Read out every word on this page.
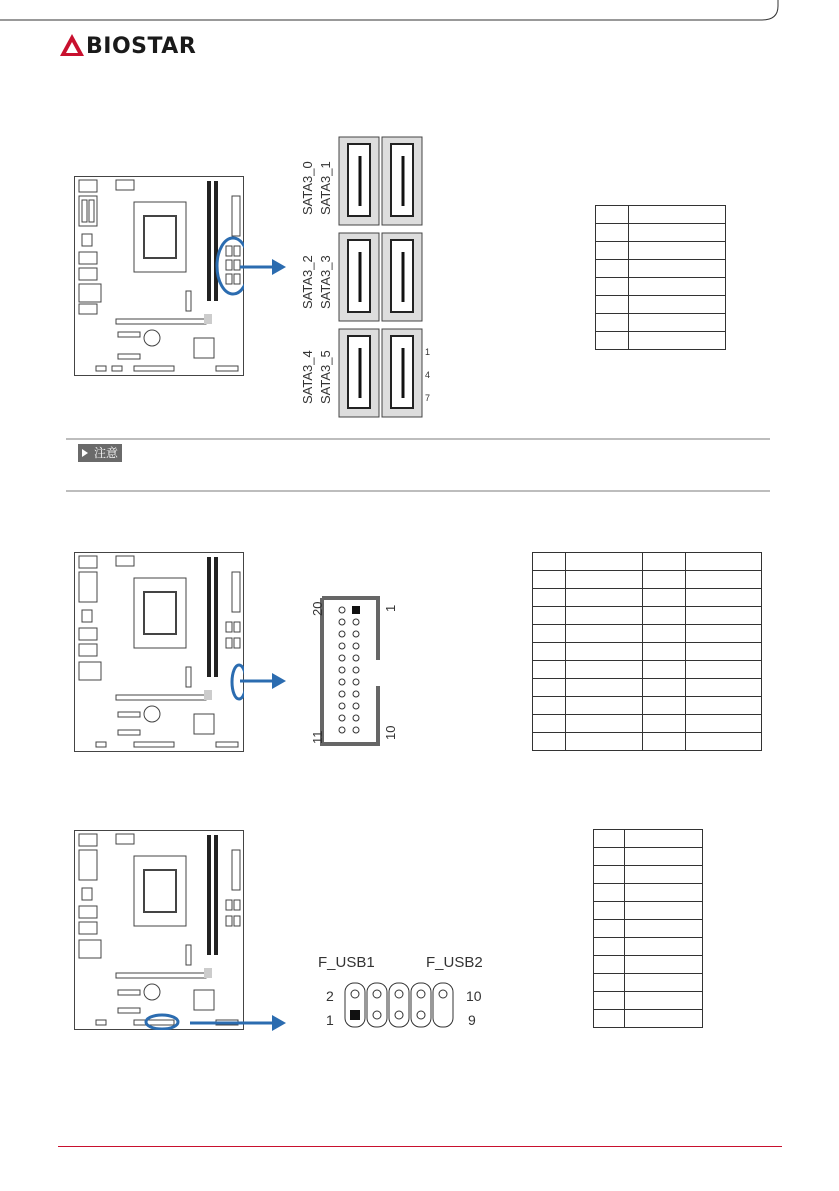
BIOSTAR
SATA3_0 SATA3_1
SATA3_2 SATA3_3
SATA3_4 SATA3_5	1
4
7

注意
20	1
11	10

F_USB1	F_USB2
2
1
10
9
